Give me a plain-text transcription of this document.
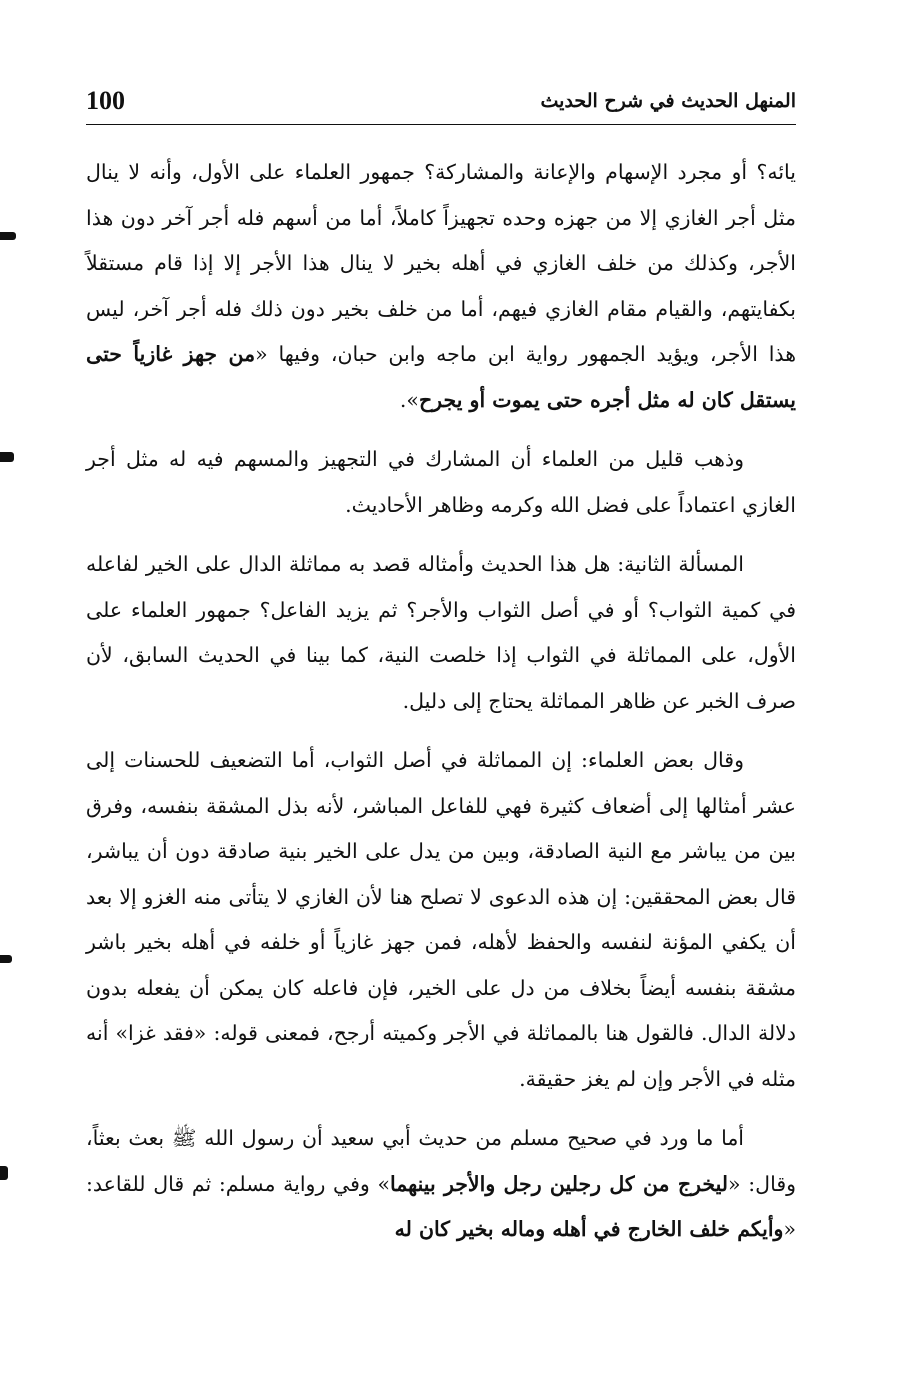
100	المنهل الحديث في شرح الحديث

يائه؟ أو مجرد الإسهام والإعانة والمشاركة؟ جمهور العلماء على الأول، وأنه لا ينال مثل أجر الغازي إلا من جهزه وحده تجهيزاً كاملاً، أما من أسهم فله أجر آخر دون هذا الأجر، وكذلك من خلف الغازي في أهله بخير لا ينال هذا الأجر إلا إذا قام مستقلاً بكفايتهم، والقيام مقام الغازي فيهم، أما من خلف بخير دون ذلك فله أجر آخر، ليس هذا الأجر، ويؤيد الجمهور رواية ابن ماجه وابن حبان، وفيها «من جهز غازياً حتى يستقل كان له مثل أجره حتى يموت أو يجرح».

وذهب قليل من العلماء أن المشارك في التجهيز والمسهم فيه له مثل أجر الغازي اعتماداً على فضل الله وكرمه وظاهر الأحاديث.

المسألة الثانية: هل هذا الحديث وأمثاله قصد به مماثلة الدال على الخير لفاعله في كمية الثواب؟ أو في أصل الثواب والأجر؟ ثم يزيد الفاعل؟ جمهور العلماء على الأول، على المماثلة في الثواب إذا خلصت النية، كما بينا في الحديث السابق، لأن صرف الخبر عن ظاهر المماثلة يحتاج إلى دليل.

وقال بعض العلماء: إن المماثلة في أصل الثواب، أما التضعيف للحسنات إلى عشر أمثالها إلى أضعاف كثيرة فهي للفاعل المباشر، لأنه بذل المشقة بنفسه، وفرق بين من يباشر مع النية الصادقة، وبين من يدل على الخير بنية صادقة دون أن يباشر، قال بعض المحققين: إن هذه الدعوى لا تصلح هنا لأن الغازي لا يتأتى منه الغزو إلا بعد أن يكفي المؤنة لنفسه والحفظ لأهله، فمن جهز غازياً أو خلفه في أهله بخير باشر مشقة بنفسه أيضاً بخلاف من دل على الخير، فإن فاعله كان يمكن أن يفعله بدون دلالة الدال. فالقول هنا بالمماثلة في الأجر وكميته أرجح، فمعنى قوله: «فقد غزا» أنه مثله في الأجر وإن لم يغز حقيقة.

أما ما ورد في صحيح مسلم من حديث أبي سعيد أن رسول الله ﷺ بعث بعثاً، وقال: «ليخرج من كل رجلين رجل والأجر بينهما» وفي رواية مسلم: ثم قال للقاعد: «وأيكم خلف الخارج في أهله وماله بخير كان له
